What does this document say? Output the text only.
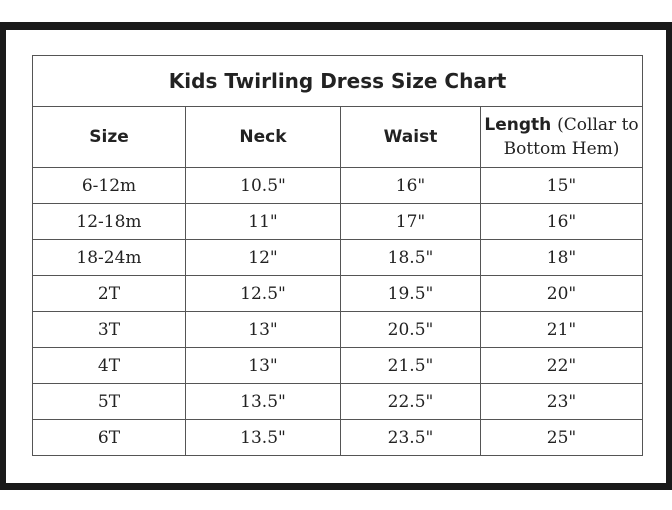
Kids Twirling Dress Size Chart			
Size	Neck	Waist	Length (Collar to
Bottom Hem)

6-12m	10.5"	16"	15"
12-18m	11"	17"	16"
18-24m	12"	18.5"	18"
2T	12.5"	19.5"	20"
3T	13"	20.5"	21"
4T	13"	21.5"	22"
5T	13.5"	22.5"	23"
6T	13.5"	23.5"	25"
